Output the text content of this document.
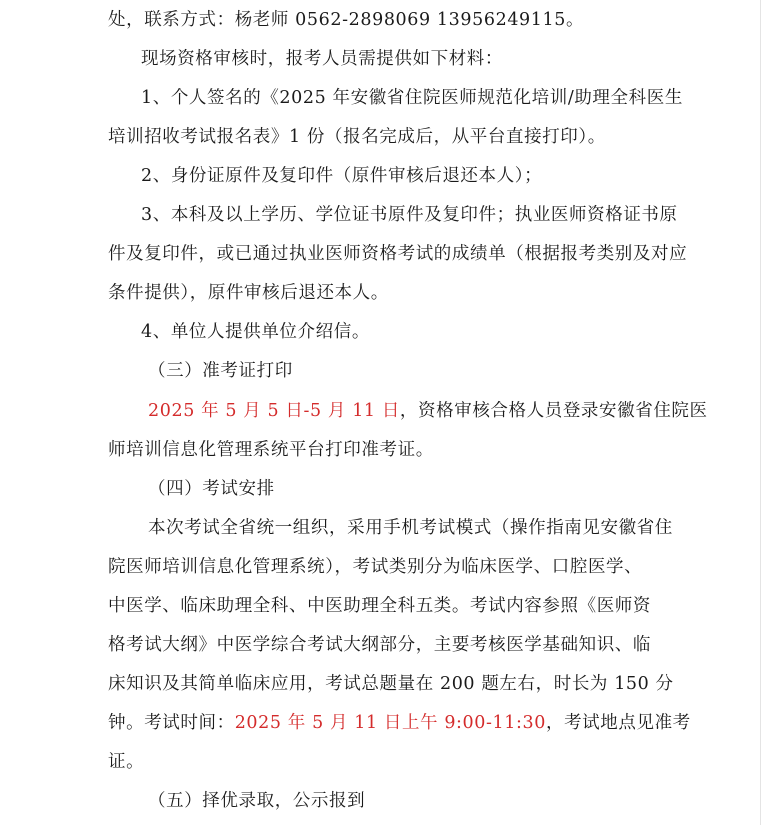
处，联系方式：杨老师 0562-2898069 13956249115。
现场资格审核时，报考人员需提供如下材料：
1、个人签名的《2025 年安徽省住院医师规范化培训/助理全科医生
培训招收考试报名表》1 份（报名完成后，从平台直接打印）。
2、身份证原件及复印件（原件审核后退还本人）；
3、本科及以上学历、学位证书原件及复印件；执业医师资格证书原
件及复印件，或已通过执业医师资格考试的成绩单（根据报考类别及对应
条件提供），原件审核后退还本人。
4、单位人提供单位介绍信。
（三）准考证打印
2025 年 5 月 5 日-5 月 11 日，资格审核合格人员登录安徽省住院医
师培训信息化管理系统平台打印准考证。
（四）考试安排
本次考试全省统一组织，采用手机考试模式（操作指南见安徽省住
院医师培训信息化管理系统），考试类别分为临床医学、口腔医学、
中医学、临床助理全科、中医助理全科五类。考试内容参照《医师资
格考试大纲》中医学综合考试大纲部分，主要考核医学基础知识、临
床知识及其简单临床应用，考试总题量在 200 题左右，时长为 150 分
钟。考试时间：2025 年 5 月 11 日上午 9:00-11:30，考试地点见准考
证。
（五）择优录取，公示报到
